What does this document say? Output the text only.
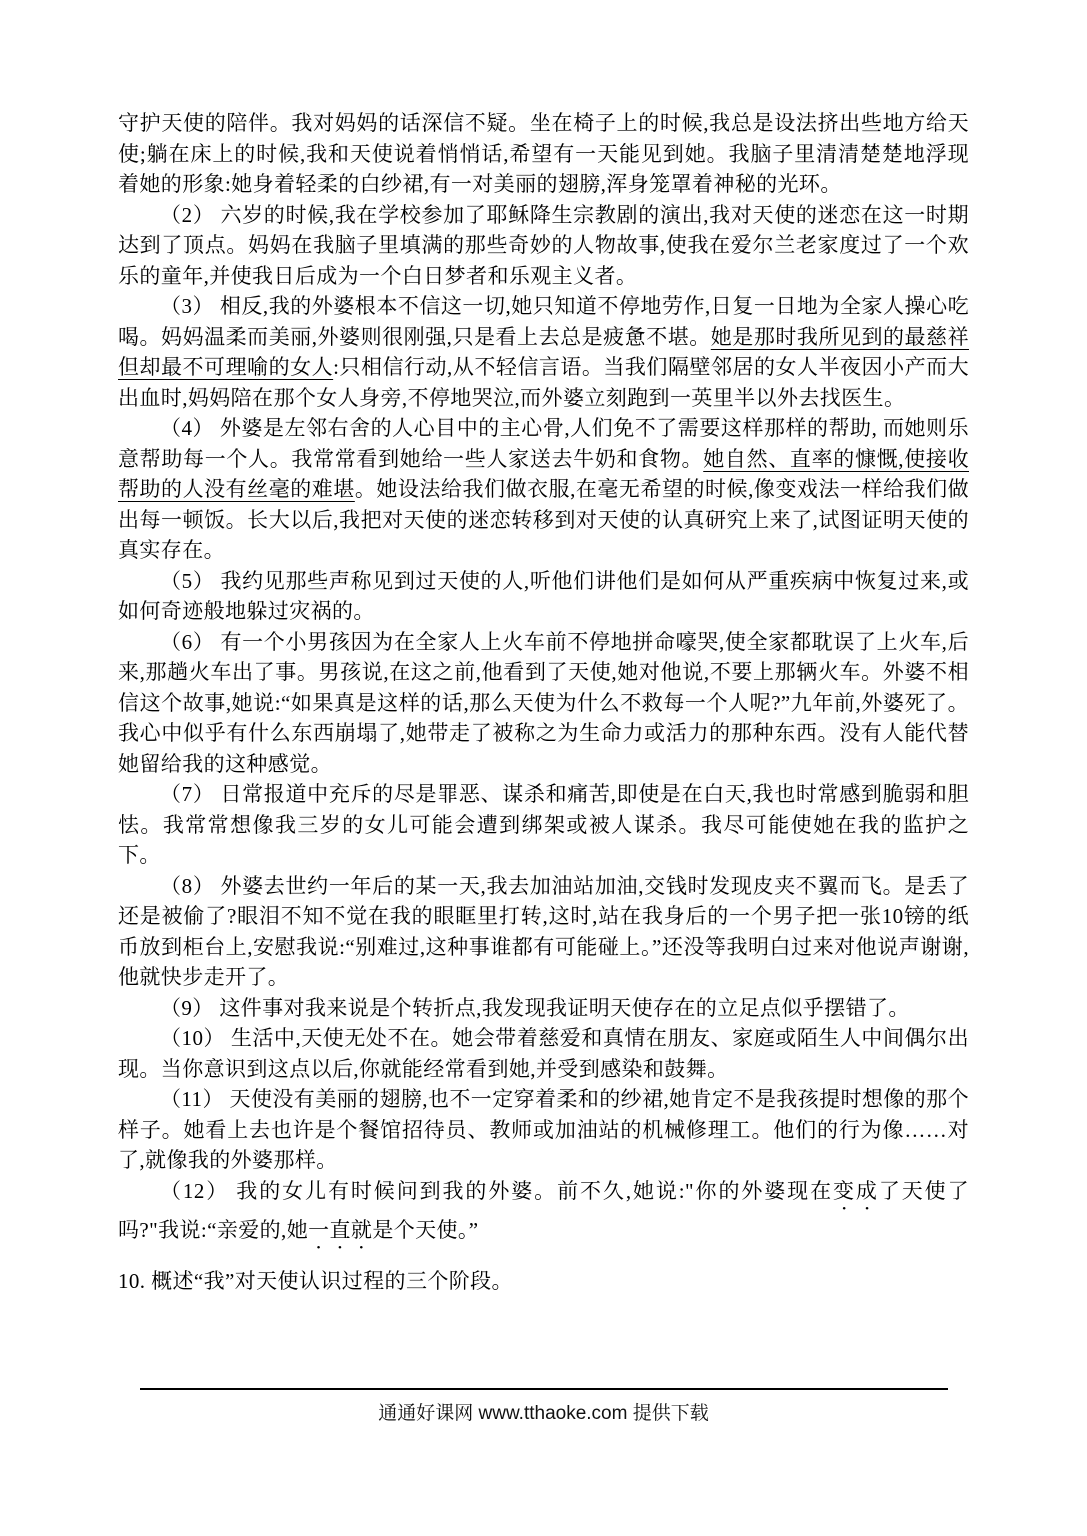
守护天使的陪伴。我对妈妈的话深信不疑。坐在椅子上的时候,我总是设法挤出些地方给天使;躺在床上的时候,我和天使说着悄悄话,希望有一天能见到她。我脑子里清清楚楚地浮现着她的形象:她身着轻柔的白纱裙,有一对美丽的翅膀,浑身笼罩着神秘的光环。

（2） 六岁的时候,我在学校参加了耶稣降生宗教剧的演出,我对天使的迷恋在这一时期达到了顶点。妈妈在我脑子里填满的那些奇妙的人物故事,使我在爱尔兰老家度过了一个欢乐的童年,并使我日后成为一个白日梦者和乐观主义者。

（3） 相反,我的外婆根本不信这一切,她只知道不停地劳作,日复一日地为全家人操心吃喝。妈妈温柔而美丽,外婆则很刚强,只是看上去总是疲惫不堪。她是那时我所见到的最慈祥但却最不可理喻的女人:只相信行动,从不轻信言语。当我们隔壁邻居的女人半夜因小产而大出血时,妈妈陪在那个女人身旁,不停地哭泣,而外婆立刻跑到一英里半以外去找医生。

（4） 外婆是左邻右舍的人心目中的主心骨,人们免不了需要这样那样的帮助, 而她则乐意帮助每一个人。我常常看到她给一些人家送去牛奶和食物。她自然、直率的慷慨,使接收帮助的人没有丝毫的难堪。她设法给我们做衣服,在毫无希望的时候,像变戏法一样给我们做出每一顿饭。长大以后,我把对天使的迷恋转移到对天使的认真研究上来了,试图证明天使的真实存在。

（5） 我约见那些声称见到过天使的人,听他们讲他们是如何从严重疾病中恢复过来,或如何奇迹般地躲过灾祸的。

（6） 有一个小男孩因为在全家人上火车前不停地拼命嚎哭,使全家都耽误了上火车,后来,那趟火车出了事。男孩说,在这之前,他看到了天使,她对他说,不要上那辆火车。外婆不相信这个故事,她说:“如果真是这样的话,那么天使为什么不救每一个人呢?”九年前,外婆死了。我心中似乎有什么东西崩塌了,她带走了被称之为生命力或活力的那种东西。没有人能代替她留给我的这种感觉。

（7） 日常报道中充斥的尽是罪恶、谋杀和痛苦,即使是在白天,我也时常感到脆弱和胆怯。我常常想像我三岁的女儿可能会遭到绑架或被人谋杀。我尽可能使她在我的监护之下。

（8） 外婆去世约一年后的某一天,我去加油站加油,交钱时发现皮夹不翼而飞。是丢了还是被偷了?眼泪不知不觉在我的眼眶里打转,这时,站在我身后的一个男子把一张10镑的纸币放到柜台上,安慰我说:“别难过,这种事谁都有可能碰上。”还没等我明白过来对他说声谢谢,他就快步走开了。

（9） 这件事对我来说是个转折点,我发现我证明天使存在的立足点似乎摆错了。

（10） 生活中,天使无处不在。她会带着慈爱和真情在朋友、家庭或陌生人中间偶尔出现。当你意识到这点以后,你就能经常看到她,并受到感染和鼓舞。

（11） 天使没有美丽的翅膀,也不一定穿着柔和的纱裙,她肯定不是我孩提时想像的那个样子。她看上去也许是个餐馆招待员、教师或加油站的机械修理工。他们的行为像……对了,就像我的外婆那样。

（12） 我的女儿有时候问到我的外婆。前不久,她说:"你的外婆现在变成了天使了吗?"我说:“亲爱的,她一直就是个天使。”

10. 概述“我”对天使认识过程的三个阶段。

通通好课网 www.tthaoke.com 提供下载
